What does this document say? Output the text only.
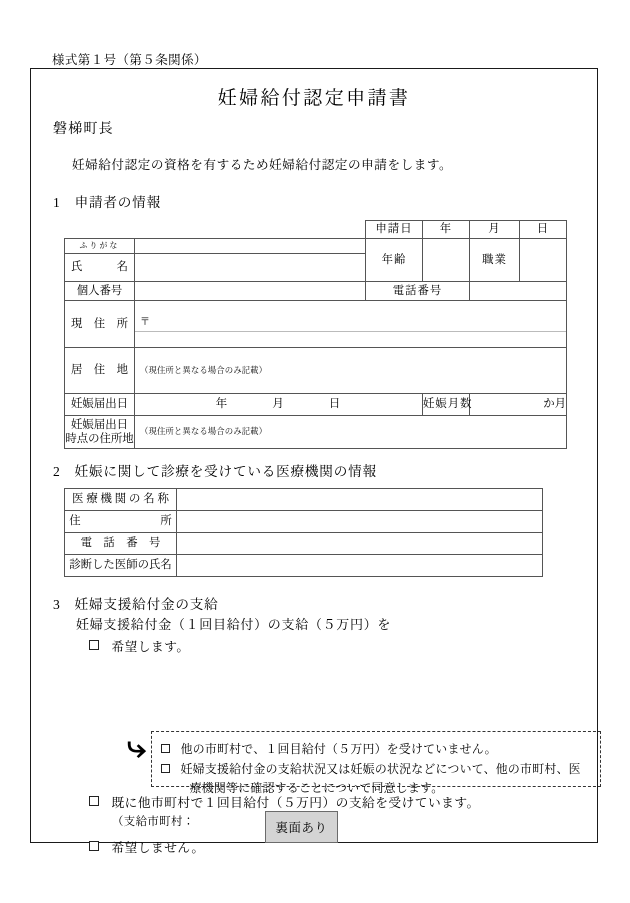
様式第１号（第５条関係）
妊婦給付認定申請書
磐梯町長
妊婦給付認定の資格を有するため妊婦給付認定の申請をします。
1 申請者の情報
		申請日	年	月	日

ふりがな		年齢		職業	
氏　　　名					
個人番号		電話番号			
現　住　所	〒				

居　住　地	（現住所と異なる場合のみ記載）				

妊娠届出日	年 月 日		妊娠月数	か月	
妊娠届出日
時点の住所地	（現住所と異なる場合のみ記載）				
2 妊娠に関して診療を受けている医療機関の情報
医 療 機 関 の 名 称	
住　　　　　　　所	
電　話　番　号	
診断した医師の氏名	
3 妊婦支援給付金の支給
妊婦支援給付金（１回目給付）の支給（５万円）を
希望します。
⤷	他の市町村で、１回目給付（５万円）を受けていません。
妊婦支援給付金の支給状況又は妊娠の状況などについて、他の市町村、医
療機関等に確認することについて同意します。
既に他市町村で１回目給付（５万円）の支給を受けています。
（支給市町村：
希望しません。
裏面あり
